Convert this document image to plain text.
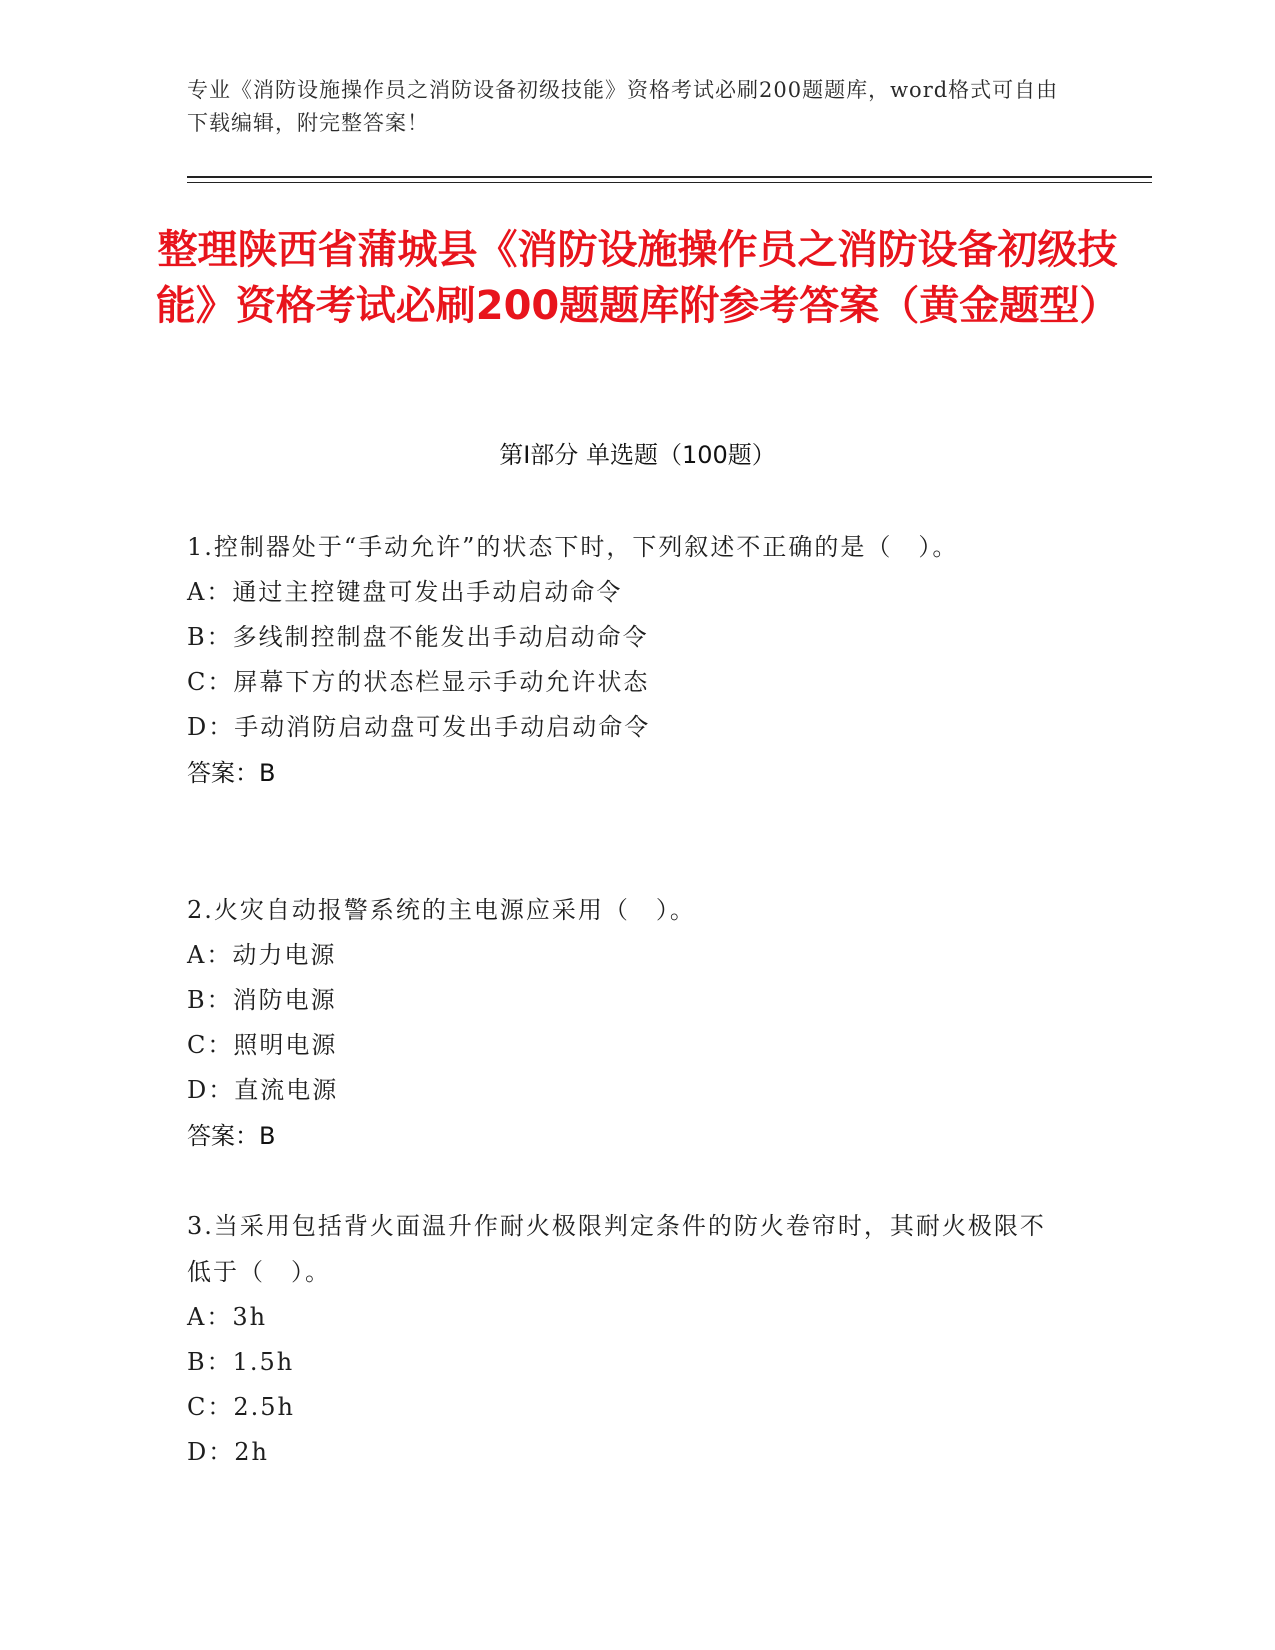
专业《消防设施操作员之消防设备初级技能》资格考试必刷200题题库，word格式可自由下载编辑，附完整答案！
整理陕西省蒲城县《消防设施操作员之消防设备初级技能》资格考试必刷200题题库附参考答案（黄金题型）
第Ⅰ部分 单选题（100题）
1.控制器处于“手动允许”的状态下时，下列叙述不正确的是（　）。
A：通过主控键盘可发出手动启动命令
B：多线制控制盘不能发出手动启动命令
C：屏幕下方的状态栏显示手动允许状态
D：手动消防启动盘可发出手动启动命令
答案：B
2.火灾自动报警系统的主电源应采用（　）。
A：动力电源
B：消防电源
C：照明电源
D：直流电源
答案：B
3.当采用包括背火面温升作耐火极限判定条件的防火卷帘时，其耐火极限不低于（　）。
A：3h
B：1.5h
C：2.5h
D：2h
